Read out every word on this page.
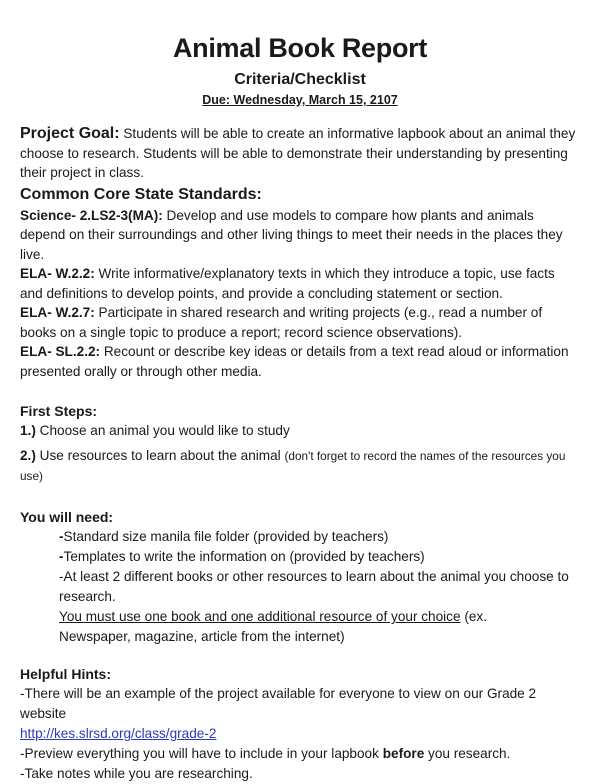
Animal Book Report
Criteria/Checklist
Due: Wednesday, March 15, 2107
Project Goal: Students will be able to create an informative lapbook about an animal they choose to research. Students will be able to demonstrate their understanding by presenting their project in class.
Common Core State Standards:
Science- 2.LS2-3(MA): Develop and use models to compare how plants and animals depend on their surroundings and other living things to meet their needs in the places they live.
ELA- W.2.2: Write informative/explanatory texts in which they introduce a topic, use facts and definitions to develop points, and provide a concluding statement or section.
ELA- W.2.7: Participate in shared research and writing projects (e.g., read a number of books on a single topic to produce a report; record science observations).
ELA- SL.2.2: Recount or describe key ideas or details from a text read aloud or information presented orally or through other media.
First Steps:
1.) Choose an animal you would like to study
2.) Use resources to learn about the animal (don't forget to record the names of the resources you use)
You will need:
-Standard size manila file folder (provided by teachers)
-Templates to write the information on (provided by teachers)
-At least 2 different books or other resources to learn about the animal you choose to research.
You must use one book and one additional resource of your choice (ex. Newspaper, magazine, article from the internet)
Helpful Hints:
-There will be an example of the project available for everyone to view on our Grade 2 website
http://kes.slrsd.org/class/grade-2
-Preview everything you will have to include in your lapbook before you research.
-Take notes while you are researching.
